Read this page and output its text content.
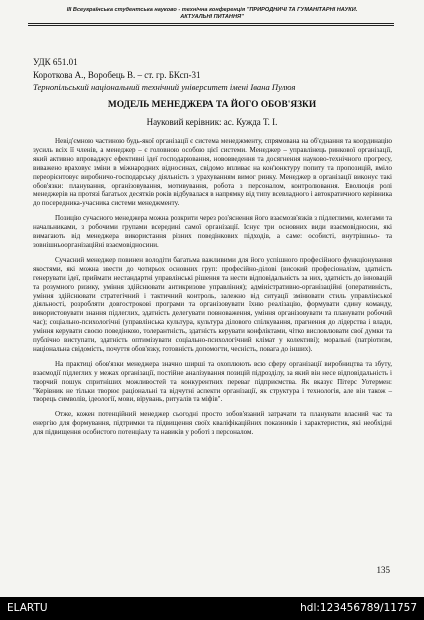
III Всеукраїнська студентська науково - технічна конференція "ПРИРОДНИЧІ ТА ГУМАНІТАРНІ НАУКИ.
АКТУАЛЬНІ ПИТАННЯ"
УДК 651.01
Короткова А., Воробець В. – ст. гр. БКсп-31
Тернопільський національний технічний університет імені Івана Пулюя
МОДЕЛЬ МЕНЕДЖЕРА ТА ЙОГО ОБОВ'ЯЗКИ
Науковий керівник: ас. Кужда Т. І.

Невід'ємною частиною будь-якої організації є система менеджменту, спрямована на об'єднання та координацію зусиль всіх її членів, а менеджер – є головною особою цієї системи. Менеджер – управлінець ринкової організації, який активно впроваджує ефективні ідеї господарювання, нововведення та досягнення науково-технічного прогресу, виважено враховує зміни в міжнародних відносинах, свідомо впливає на кон'юнктуру попиту та пропозицій, вміло переорієнтовує виробничо-господарську діяльність з урахуванням вимог ринку. Менеджер в організації виконує такі обов'язки: планування, організовування, мотивування, робота з персоналом, контролювання. Еволюція ролі менеджерів на протязі багатьох десятків років відбувалася в напрямку від типу всевладного і автократичного керівника до посередника-учасника системи менеджменту.

Позицію сучасного менеджера можна розкрити через роз'яснення його взаємозв'язків з підлеглими, колегами та начальниками, з робочими групами всередині самої організації. Існує три основних види взаємовідносин, які вимагають від менеджера використання різних поведінкових підходів, а саме: особисті, внутрішньо- та зовнішньоорганізаційні взаємовідносини.

Сучасний менеджер повинен володіти багатьма важливими для його успішного професійного функціонування якостями, які можна звести до чотирьох основних груп: професійно-ділові (високий професіоналізм, здатність генерувати ідеї, приймати нестандартні управлінські рішення та нести відповідальність за них, здатність до інновацій та розумного ризику, уміння здійснювати антикризове управління); адміністративно-організаційні (оперативність, уміння здійснювати стратегічний і тактичний контроль, залежно від ситуації змінювати стиль управлінської діяльності, розробляти довгострокові програми та організовувати їхню реалізацію, формувати єдину команду, використовувати знання підлеглих, здатність делегувати повноваження, уміння організовувати та планувати робочий час); соціально-психологічні (управлінська культура, культура ділового спілкування, прагнення до лідерства і влади, уміння керувати своєю поведінкою, толерантність, здатність керувати конфліктами, чітко висловлювати свої думки та публічно виступати, здатність оптимізувати соціально-психологічний клімат у колективі); моральні (патріотизм, національна свідомість, почуття обов'язку, готовність допомогти, чесність, повага до інших).

На практиці обов'язки менеджера значно ширші та охоплюють всю сферу організації виробництва та збуту, взаємодії підлеглих у межах організації, постійне аналізування позицій підрозділу, за який він несе відповідальність і творчий пошук спритніших можливостей та конкурентних переваг підприємства. Як вказує Пітерс Уотермен: "Керівник не тільки творює раціональні та відчутні аспекти організації, як структура і технологія, але він також – творець символів, ідеології, мови, вірувань, ритуалів та міфів".

Отже, кожен потенційний менеджер сьогодні просто зобов'язаний затрачати та планувати власний час та енергію для формування, підтримки та підвищення своїх кваліфікаційних показників і характеристик, які необхідні для підвищення особистого потенціалу та навиків у роботі з персоналом.

135
ELARTU	hdl:123456789/11757
